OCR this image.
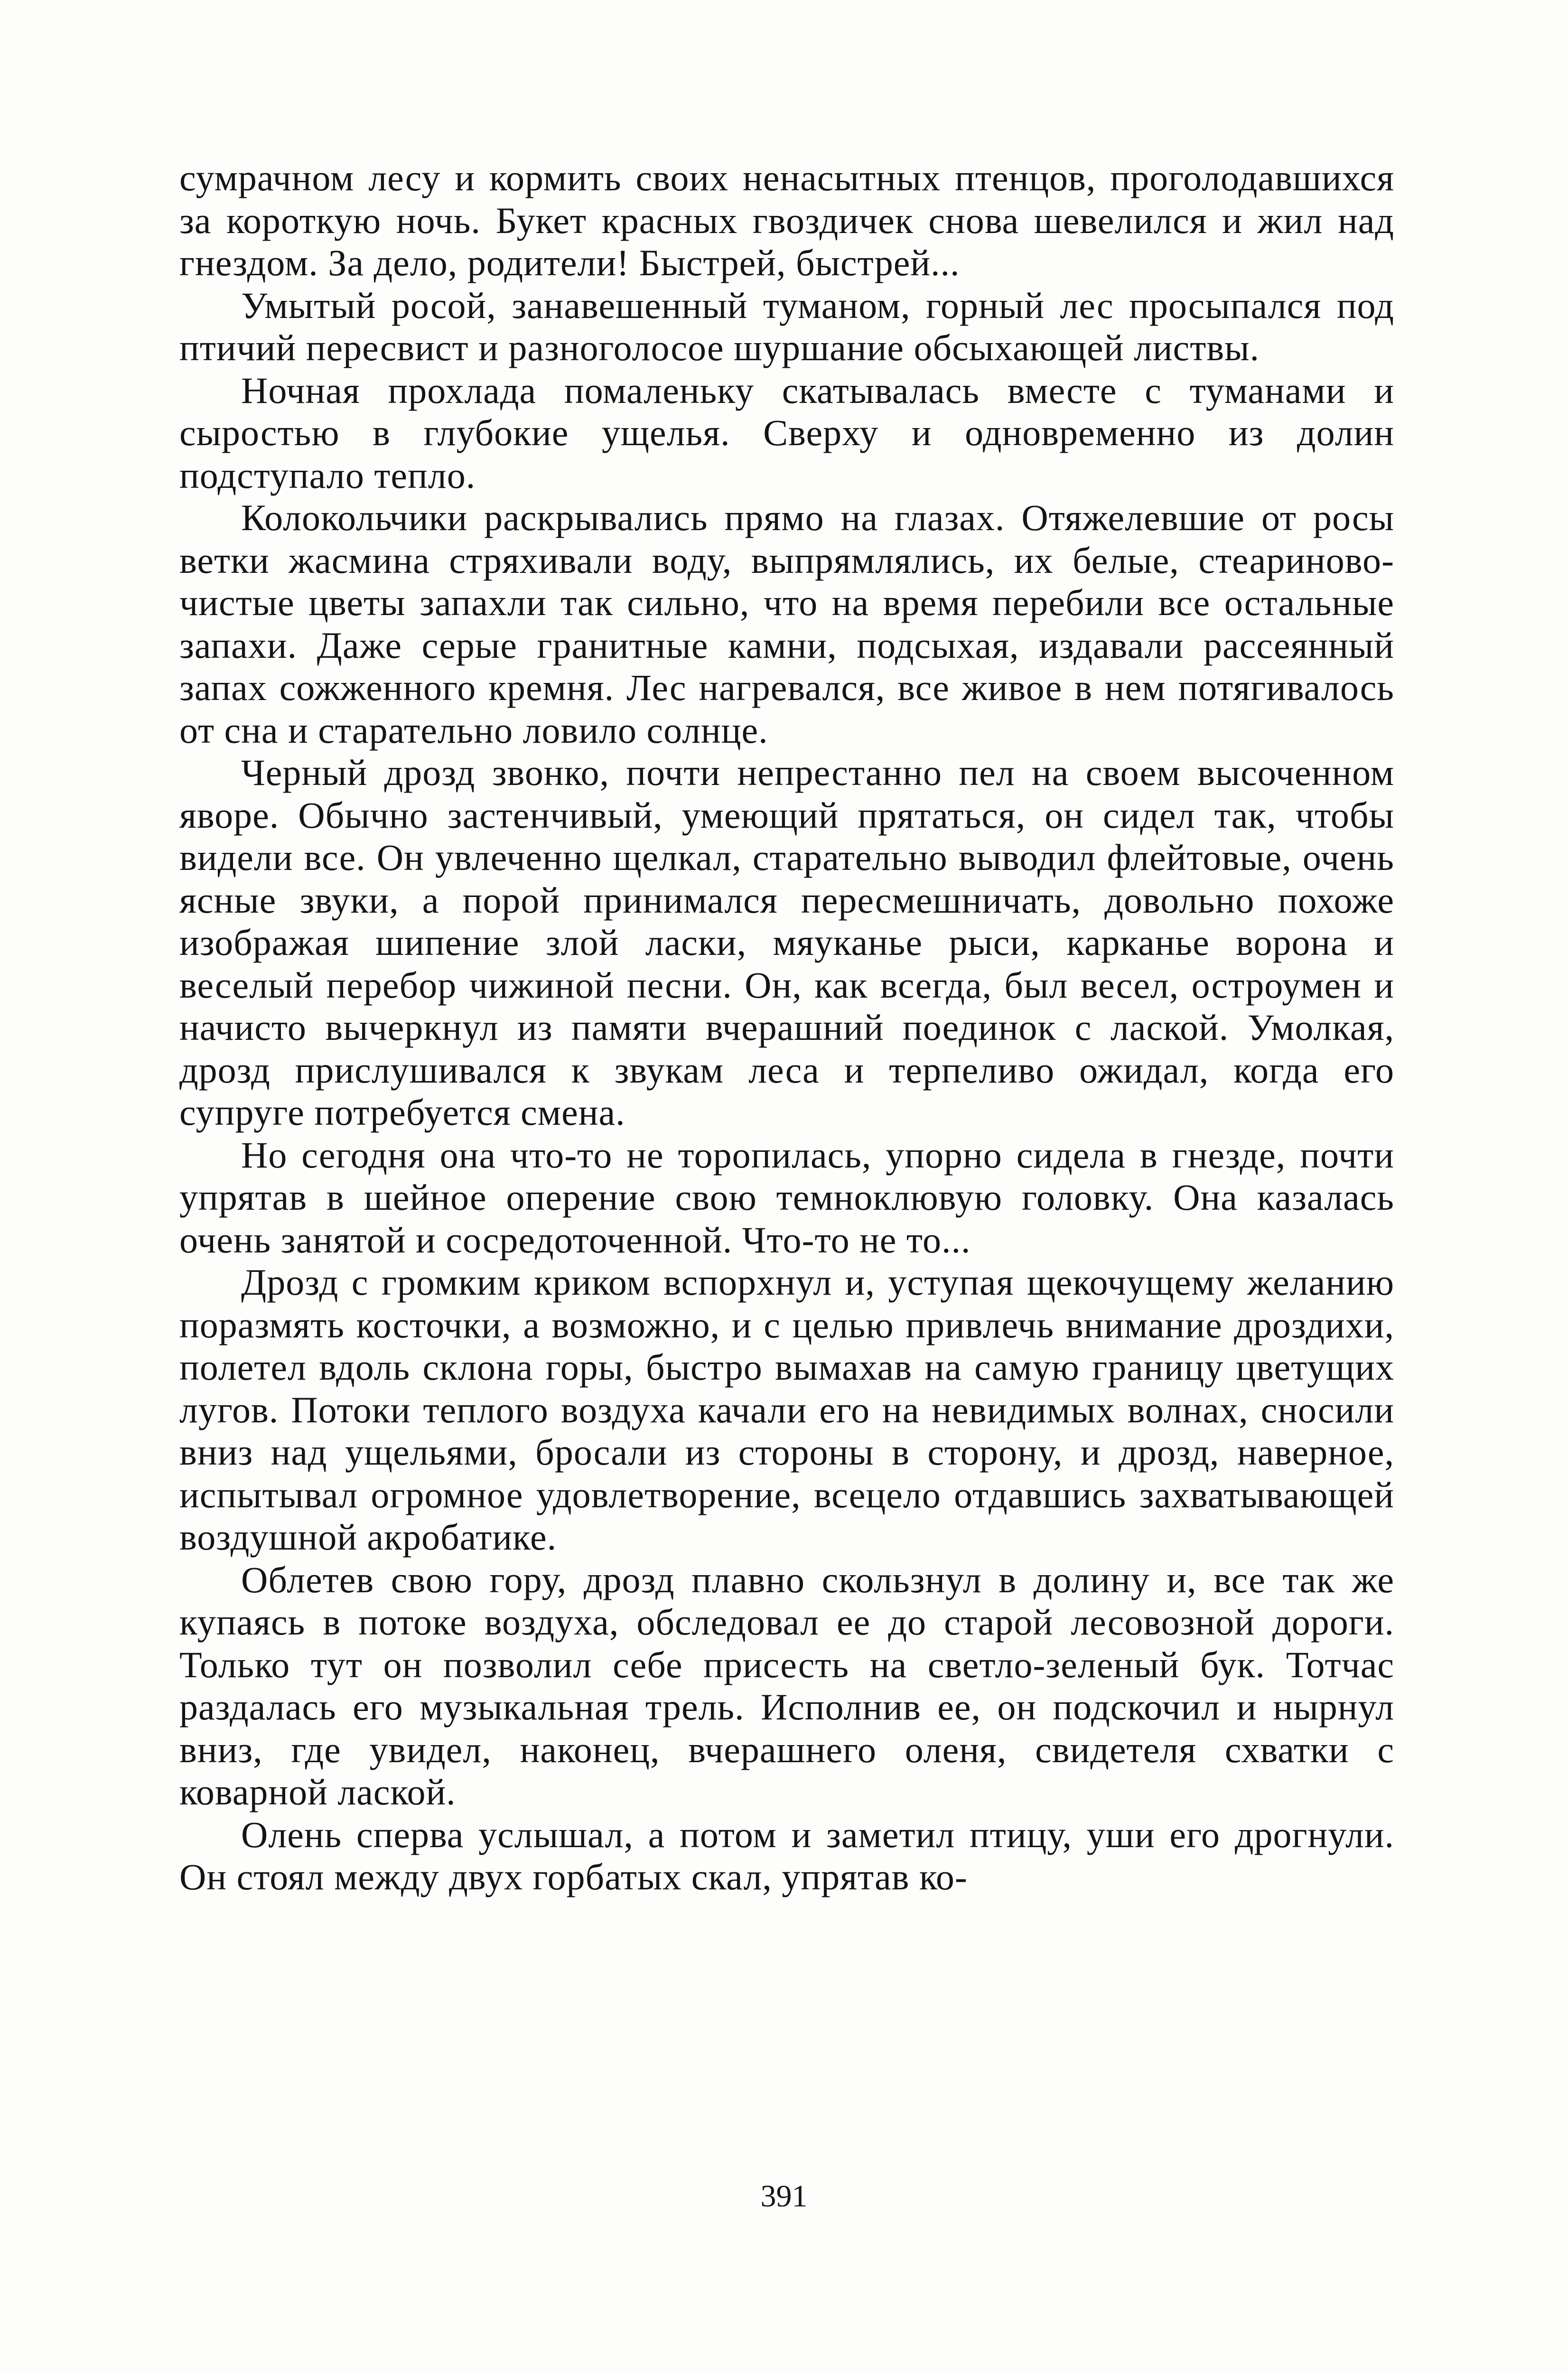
сумрачном лесу и кормить своих ненасытных птенцов, проголодавшихся за короткую ночь. Букет красных гвоздичек снова шевелился и жил над гнездом. За дело, родители! Быстрей, быстрей...

Умытый росой, занавешенный туманом, горный лес просыпался под птичий пересвист и разноголосое шуршание обсыхающей листвы.

Ночная прохлада помаленьку скатывалась вместе с туманами и сыростью в глубокие ущелья. Сверху и одновременно из долин подступало тепло.

Колокольчики раскрывались прямо на глазах. Отяжелевшие от росы ветки жасмина стряхивали воду, выпрямлялись, их белые, стеариново-чистые цветы запахли так сильно, что на время перебили все остальные запахи. Даже серые гранитные камни, подсыхая, издавали рассеянный запах сожженного кремня. Лес нагревался, все живое в нем потягивалось от сна и старательно ловило солнце.

Черный дрозд звонко, почти непрестанно пел на своем высоченном яворе. Обычно застенчивый, умеющий прятаться, он сидел так, чтобы видели все. Он увлеченно щелкал, старательно выводил флейтовые, очень ясные звуки, а порой принимался пересмешничать, довольно похоже изображая шипение злой ласки, мяуканье рыси, карканье ворона и веселый перебор чижиной песни. Он, как всегда, был весел, остроумен и начисто вычеркнул из памяти вчерашний поединок с лаской. Умолкая, дрозд прислушивался к звукам леса и терпеливо ожидал, когда его супруге потребуется смена.

Но сегодня она что-то не торопилась, упорно сидела в гнезде, почти упрятав в шейное оперение свою темноклювую головку. Она казалась очень занятой и сосредоточенной. Что-то не то...

Дрозд с громким криком вспорхнул и, уступая щекочущему желанию поразмять косточки, а возможно, и с целью привлечь внимание дроздихи, полетел вдоль склона горы, быстро вымахав на самую границу цветущих лугов. Потоки теплого воздуха качали его на невидимых волнах, сносили вниз над ущельями, бросали из стороны в сторону, и дрозд, наверное, испытывал огромное удовлетворение, всецело отдавшись захватывающей воздушной акробатике.

Облетев свою гору, дрозд плавно скользнул в долину и, все так же купаясь в потоке воздуха, обследовал ее до старой лесовозной дороги. Только тут он позволил себе присесть на светло-зеленый бук. Тотчас раздалась его музыкальная трель. Исполнив ее, он подскочил и нырнул вниз, где увидел, наконец, вчерашнего оленя, свидетеля схватки с коварной лаской.

Олень сперва услышал, а потом и заметил птицу, уши его дрогнули. Он стоял между двух горбатых скал, упрятав ко-

391
